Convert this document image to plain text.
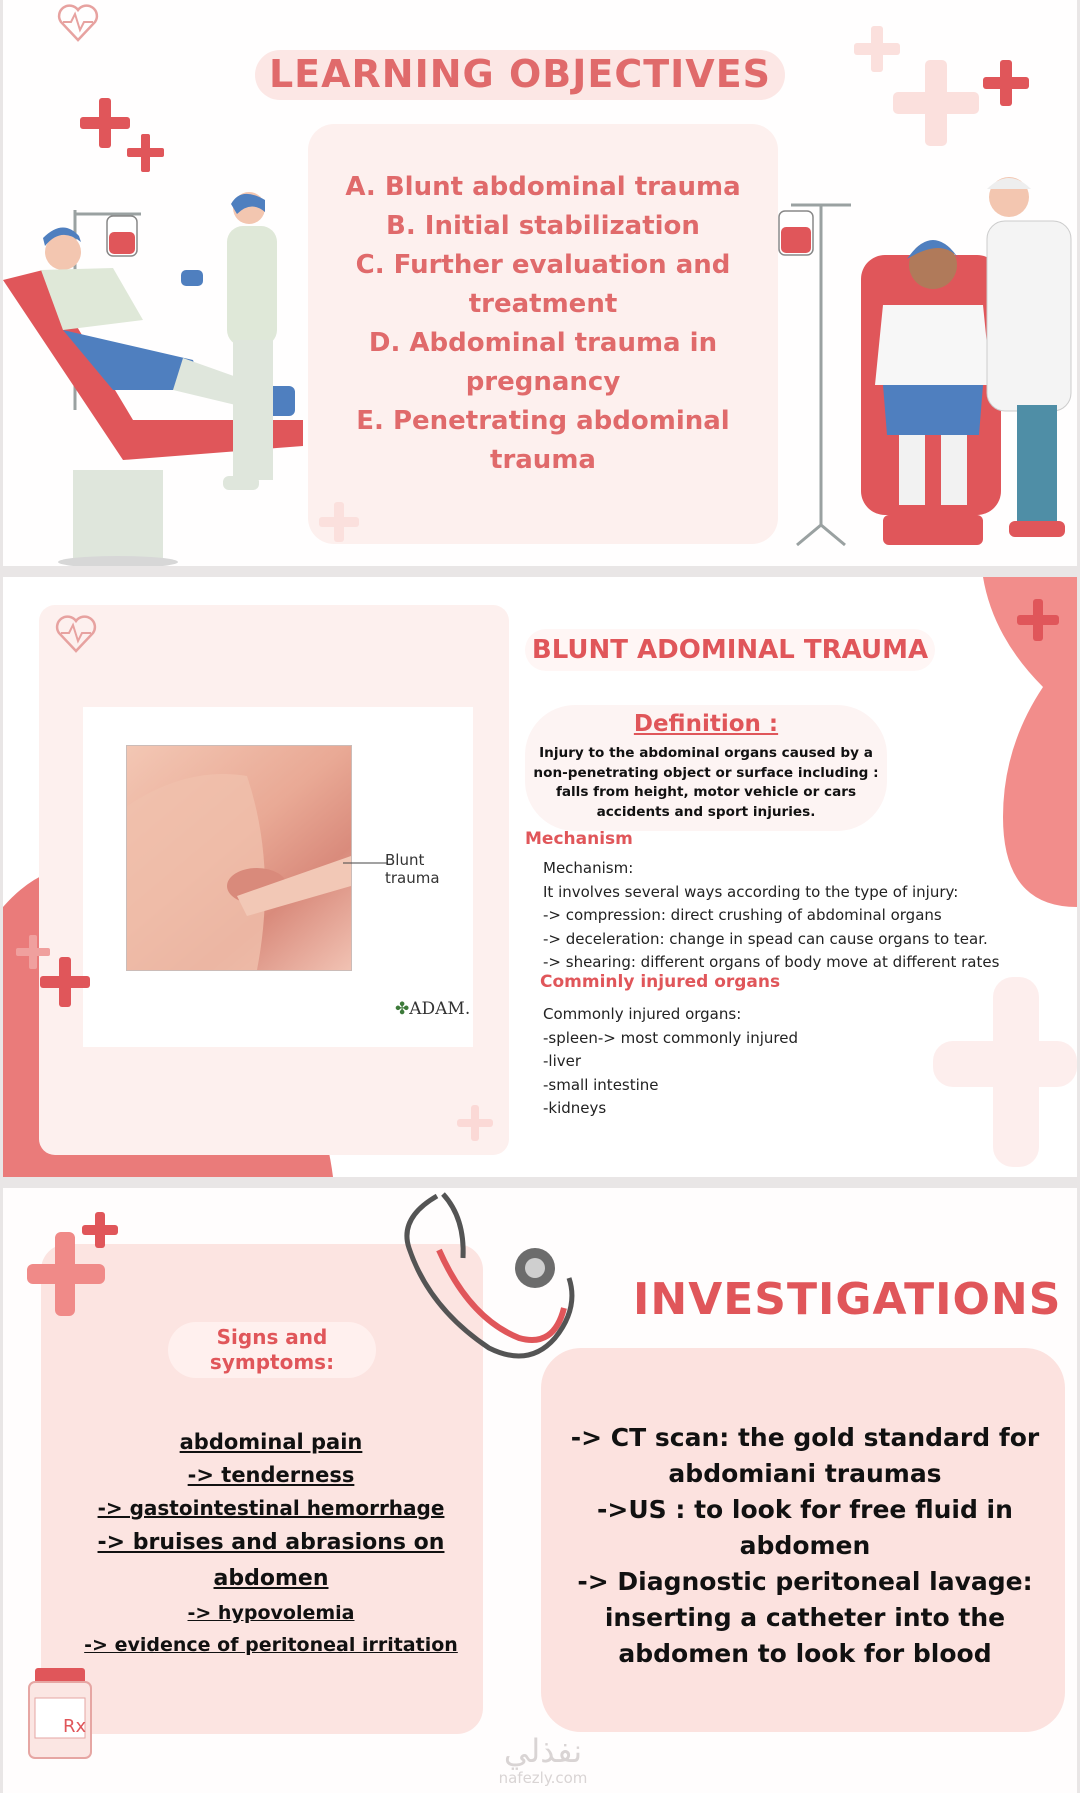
LEARNING OBJECTIVES
A. Blunt abdominal trauma
B. Initial stabilization
C. Further evaluation and treatment
D. Abdominal trauma in pregnancy
E. Penetrating abdominal trauma
Blunt trauma
✤ADAM.
BLUNT ADOMINAL TRAUMA
Definition :
Injury to the abdominal organs caused by a non-penetrating object or surface including : falls from height, motor vehicle or cars accidents and sport injuries.
Mechanism
Mechanism:
It involves several ways according to the type of injury:
-> compression: direct crushing of abdominal organs
-> deceleration: change in spead can cause organs to tear.
-> shearing: different organs of body move at different rates
Comminly injured organs
Commonly injured organs:
-spleen-> most commonly injured
-liver
-small intestine
-kidneys
Signs and symptoms:
abdominal pain
-> tenderness
-> gastointestinal hemorrhage
-> bruises and abrasions on abdomen
-> hypovolemia
-> evidence of peritoneal irritation
INVESTIGATIONS
-> CT scan: the gold standard for abdomiani traumas
->US : to look for free fluid in abdomen
-> Diagnostic peritoneal lavage: inserting a catheter into the abdomen to look for blood
Rx
نفذلي
nafezly.com
